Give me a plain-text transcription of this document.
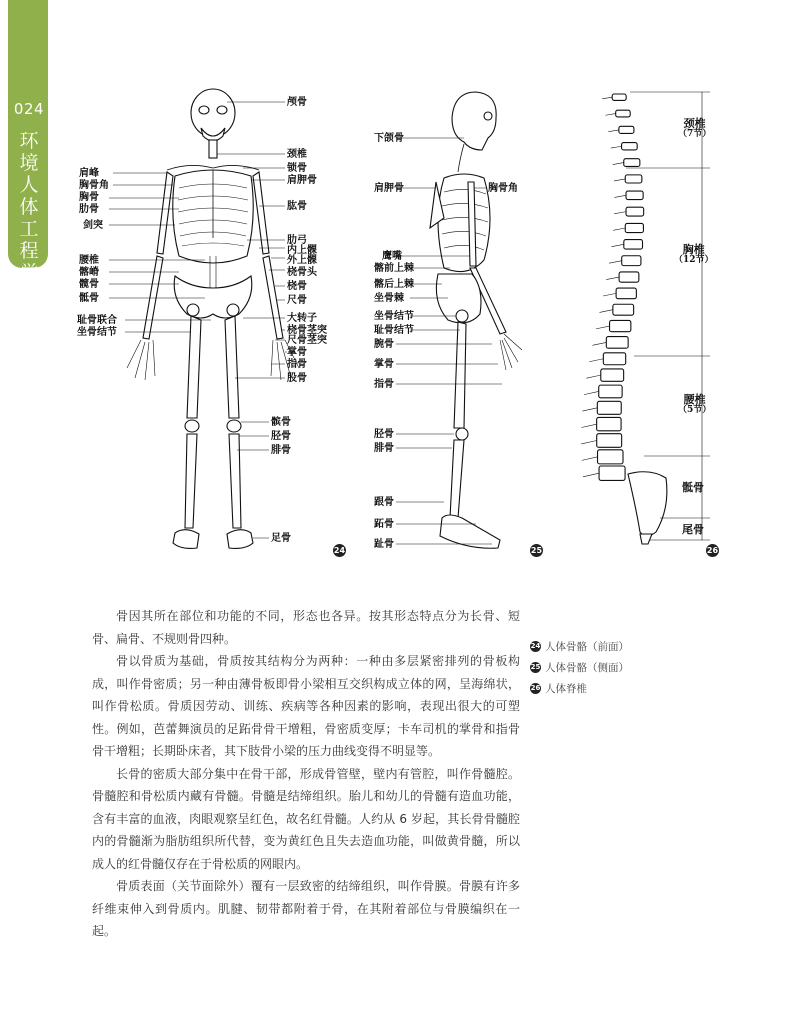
024
环
境
人
体
工
程
学
肩峰
胸骨角
胸骨
肋骨
剑突
腰椎
髂嵴
髋骨
骶骨
耻骨联合
坐骨结节
颅骨
颈椎
锁骨
肩胛骨
肱骨
肋弓
内上髁
外上髁
桡骨头
桡骨
尺骨
大转子
桡骨茎突
尺骨茎突
掌骨
指骨
股骨
髌骨
胫骨
腓骨
足骨
24
下颌骨
肩胛骨	胸骨角
鹰嘴
髂前上棘
髂后上棘
坐骨棘
坐骨结节
耻骨结节
腕骨
掌骨
指骨
胫骨
腓骨
跟骨
跖骨
趾骨
25
颈椎
（7节）
胸椎
（12节）
腰椎
（5节）
骶骨
尾骨
26

骨因其所在部位和功能的不同，形态也各异。按其形态特点分为长骨、短骨、扁骨、不规则骨四种。

骨以骨质为基础，骨质按其结构分为两种：一种由多层紧密排列的骨板构成，叫作骨密质；另一种由薄骨板即骨小梁相互交织构成立体的网，呈海绵状，叫作骨松质。骨质因劳动、训练、疾病等各种因素的影响，表现出很大的可塑性。例如，芭蕾舞演员的足跖骨骨干增粗，骨密质变厚；卡车司机的掌骨和指骨骨干增粗；长期卧床者，其下肢骨小梁的压力曲线变得不明显等。

长骨的密质大部分集中在骨干部，形成骨管壁，壁内有管腔，叫作骨髓腔。骨髓腔和骨松质内藏有骨髓。骨髓是结缔组织。胎儿和幼儿的骨髓有造血功能，含有丰富的血液，肉眼观察呈红色，故名红骨髓。人约从 6 岁起，其长骨骨髓腔内的骨髓渐为脂肪组织所代替，变为黄红色且失去造血功能，叫做黄骨髓，所以成人的红骨髓仅存在于骨松质的网眼内。

骨质表面（关节面除外）覆有一层致密的结缔组织，叫作骨膜。骨膜有许多纤维束伸入到骨质内。肌腱、韧带都附着于骨，在其附着部位与骨膜编织在一起。

24 人体骨骼（前面）
25 人体骨骼（侧面）
26 人体脊椎
